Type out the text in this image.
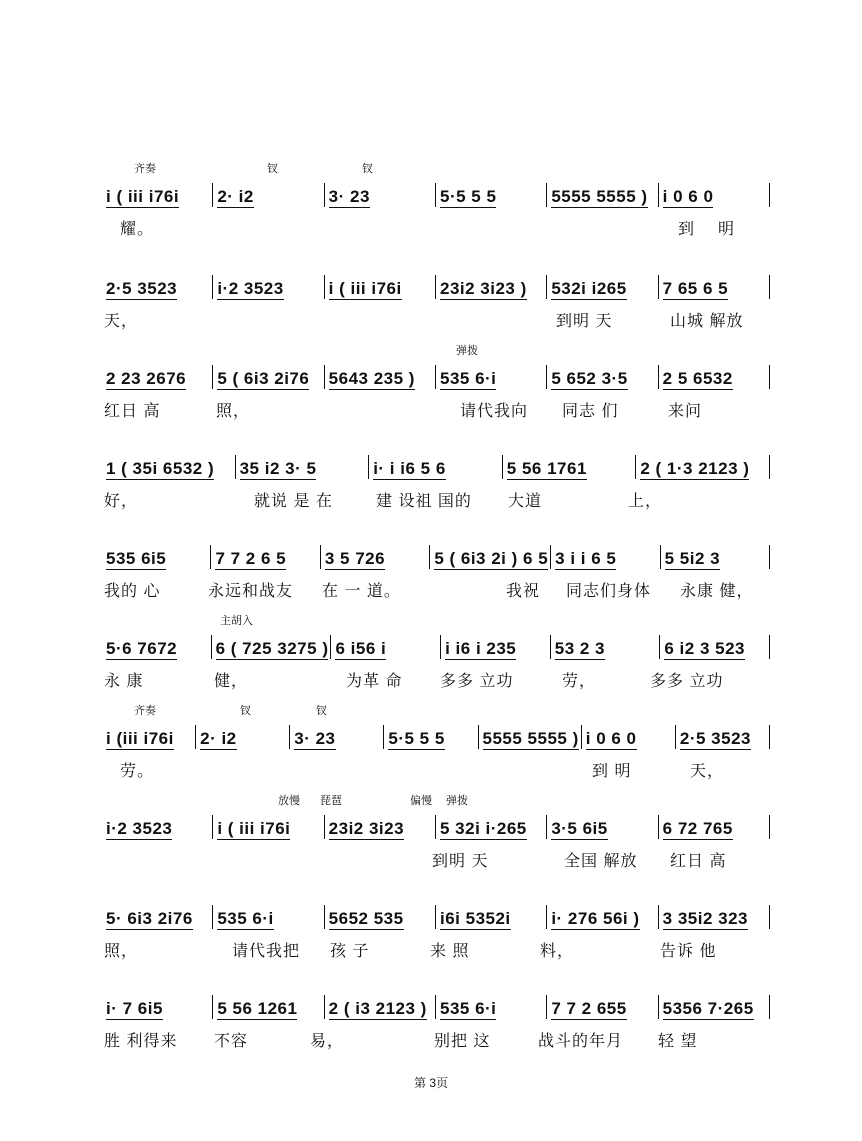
齐奏	钗	钗
i ( iii i76i 2· i2	3· 23	5·5 5 5	5555 5555 ) i 0 6 0
耀。	到 明
2·5 3523 i·2 3523	i ( iii i76i 23i2 3i23 ) 532i i265 7 65 6 5
天，	到明 天	山城 解放
弹拨
2 23 2676 5 ( 6i3 2i76 5643 235 ) 535 6·i	5 652 3·5 2 5 6532
红日 高	照，	请代我向 同志 们	来问
1 ( 35i 6532 ) 35 i2 3· 5	i· i i6 5 6	5 56 1761	2 ( 1·3 2123 )
好，	就说 是 在	建 设祖 国的 大道	上，
535 6i5	7 7 2 6 5 3 5 726	5 ( 6i3 2i ) 6 5 3 i i 6 5	5 5i2 3
我的 心	永远和战友 在 一 道。	我祝 同志们身体 永康 健，
主胡入
5·6 7672 6 ( 725 3275 ) 6 i56 i	i i6 i 235 53 2 3	6 i2 3 523
永 康	健，	为革 命 多多 立功	劳，	多多 立功
齐奏	钗	钗
i (iii i76i 2· i2	3· 23	5·5 5 5 5555 5555 ) i 0 6 0	2·5 3523
劳。	到 明	天，
放慢 琵琶	偏慢 弹拨
i·2 3523	i ( iii i76i 23i2 3i23 5 32i i·265 3·5 6i5	6 72 765
到明 天	全国 解放 红日 高
5· 6i3 2i76 535 6·i	5652 535 i6i 5352i i· 276 56i ) 3 35i2 323
照，	请代我把 孩 子	来 照	料，	告诉 他
i· 7 6i5	5 56 1261 2 ( i3 2123 ) 535 6·i	7 7 2 655 5356 7·265
胜 利得来 不容	易，	别把 这	战斗的年月 轻 望
第 3页
